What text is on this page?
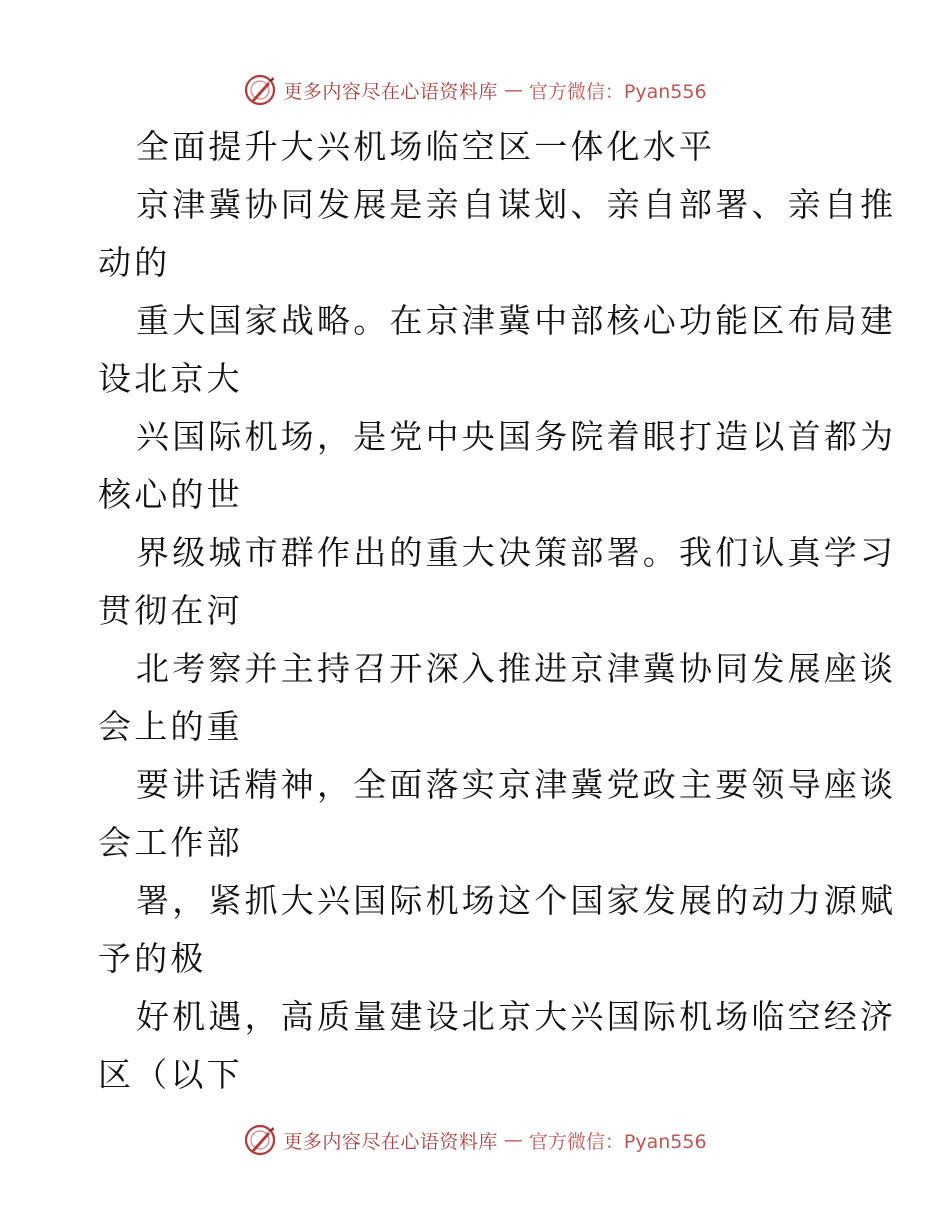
更多内容尽在心语资料库 — 官方微信：Pyan556
全面提升大兴机场临空区一体化水平
京津冀协同发展是亲自谋划、亲自部署、亲自推
动的
重大国家战略。在京津冀中部核心功能区布局建
设北京大
兴国际机场，是党中央国务院着眼打造以首都为
核心的世
界级城市群作出的重大决策部署。我们认真学习
贯彻在河
北考察并主持召开深入推进京津冀协同发展座谈
会上的重
要讲话精神，全面落实京津冀党政主要领导座谈
会工作部
署，紧抓大兴国际机场这个国家发展的动力源赋
予的极
好机遇，高质量建设北京大兴国际机场临空经济
区（以下
更多内容尽在心语资料库 — 官方微信：Pyan556
